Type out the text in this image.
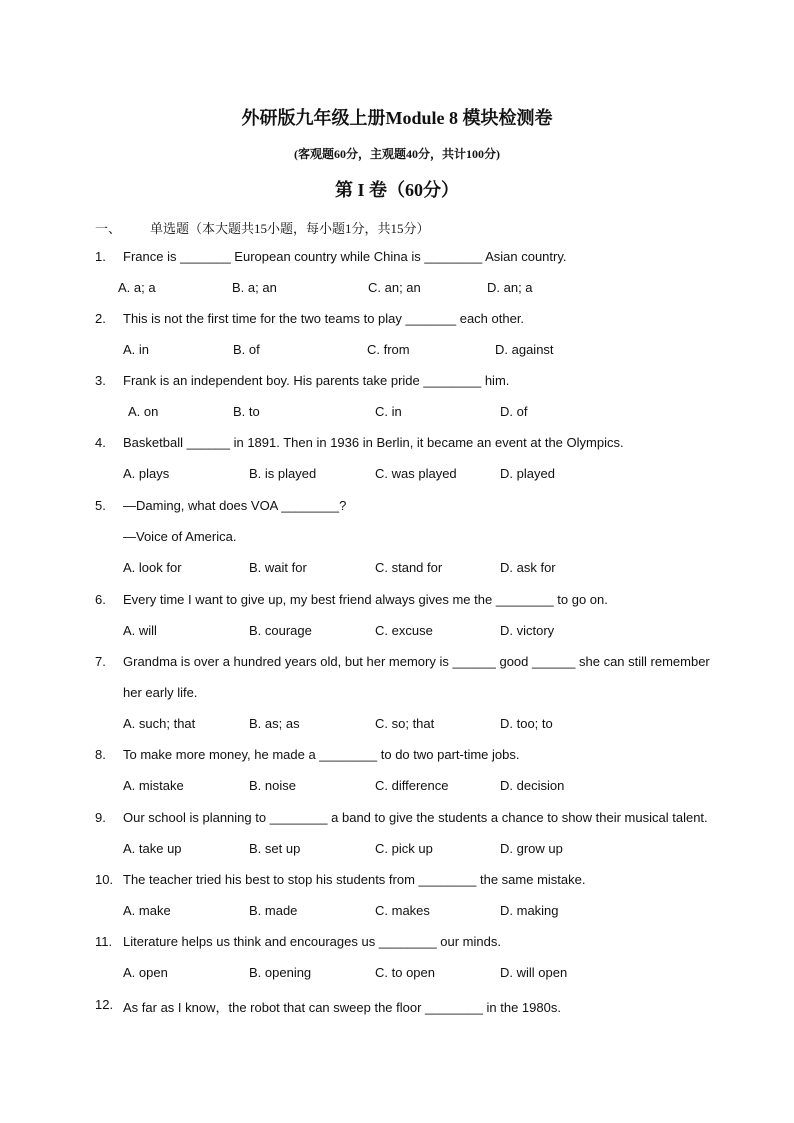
外研版九年级上册Module 8 模块检测卷
(客观题60分，主观题40分，共计100分)
第 I 卷（60分）
一、 单选题（本大题共15小题，每小题1分，共15分）
1. France is _______ European country while China is ________ Asian country.
A. a; a	B. a; an	C. an; an	D. an; a
2. This is not the first time for the two teams to play _______ each other.
A. in	B. of	C. from	D. against
3. Frank is an independent boy. His parents take pride ________ him.
A. on	B. to	C. in	D. of
4. Basketball ______ in 1891. Then in 1936 in Berlin, it became an event at the Olympics.
A. plays	B. is played	C. was played	D. played
5. —Daming, what does VOA ________?
—Voice of America.
A. look for	B. wait for	C. stand for	D. ask for
6. Every time I want to give up, my best friend always gives me the ________ to go on.
A. will	B. courage	C. excuse	D. victory
7. Grandma is over a hundred years old, but her memory is ______ good ______ she can still remember
her early life.
A. such; that	B. as; as	C. so; that	D. too; to
8. To make more money, he made a ________ to do two part-time jobs.
A. mistake	B. noise	C. difference	D. decision
9. Our school is planning to ________ a band to give the students a chance to show their musical talent.
A. take up	B. set up	C. pick up	D. grow up
10. The teacher tried his best to stop his students from ________ the same mistake.
A. make	B. made	C. makes	D. making
11. Literature helps us think and encourages us ________ our minds.
A. open	B. opening	C. to open	D. will open
12. As far as I know，the robot that can sweep the floor ________ in the 1980s.
